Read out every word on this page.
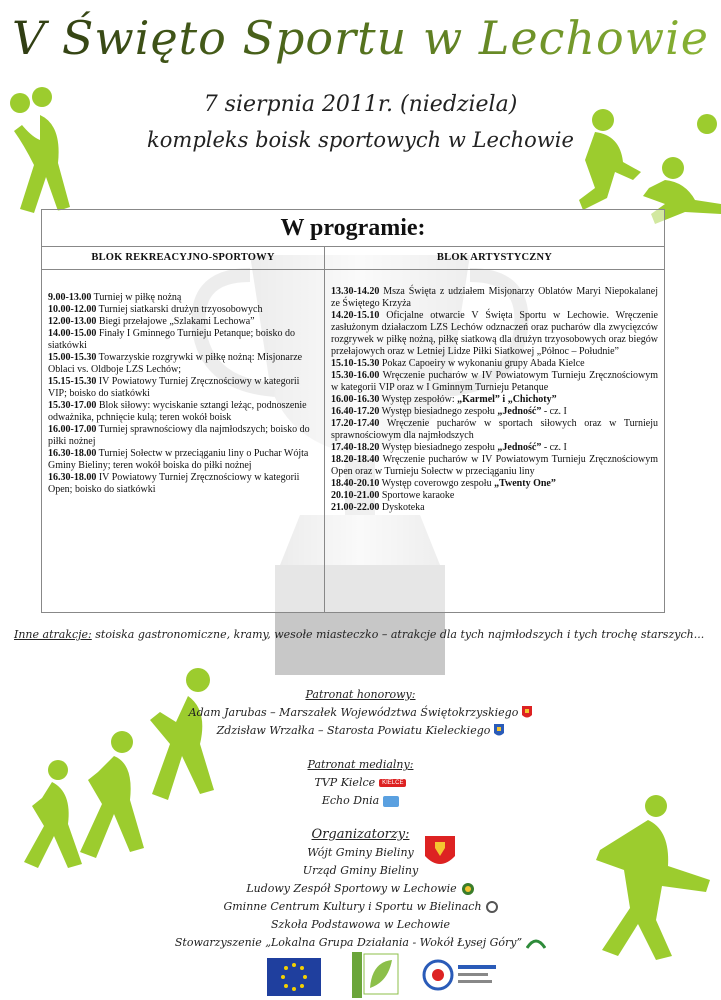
V Święto Sportu w Lechowie
7 sierpnia 2011r. (niedziela)
kompleks boisk sportowych w Lechowie
W programie:
BLOK REKREACYJNO-SPORTOWY
9.00-13.00 Turniej w piłkę nożną
10.00-12.00 Turniej siatkarski drużyn trzyosobowych
12.00-13.00 Biegi przełajowe „Szlakami Lechowa”
14.00-15.00 Finały I Gminnego Turnieju Petanque; boisko do siatkówki
15.00-15.30 Towarzyskie rozgrywki w piłkę nożną: Misjonarze Oblaci vs. Oldboje LZS Lechów;
15.15-15.30 IV Powiatowy Turniej Zręcznościowy w kategorii VIP; boisko do siatkówki
15.30-17.00 Blok siłowy: wyciskanie sztangi leżąc, podnoszenie odważnika, pchnięcie kulą; teren wokół boisk
16.00-17.00 Turniej sprawnościowy dla najmłodszych; boisko do piłki nożnej
16.30-18.00 Turniej Sołectw w przeciąganiu liny o Puchar Wójta Gminy Bieliny; teren wokół boiska do piłki nożnej
16.30-18.00 IV Powiatowy Turniej Zręcznościowy w kategorii Open; boisko do siatkówki
BLOK ARTYSTYCZNY
13.30-14.20 Msza Święta z udziałem Misjonarzy Oblatów Maryi Niepokalanej ze Świętego Krzyża
14.20-15.10 Oficjalne otwarcie V Święta Sportu w Lechowie. Wręczenie zasłużonym działaczom LZS Lechów odznaczeń oraz pucharów dla zwycięzców rozgrywek w piłkę nożną, piłkę siatkową dla drużyn trzyosobowych oraz biegów przełajowych oraz w Letniej Lidze Piłki Siatkowej „Północ – Południe”
15.10-15.30 Pokaz Capoeiry w wykonaniu grupy Abada Kielce
15.30-16.00 Wręczenie pucharów w IV Powiatowym Turnieju Zręcznościowym w kategorii VIP oraz w I Gminnym Turnieju Petanque
16.00-16.30 Występ zespołów: „Karmel” i „Chichoty”
16.40-17.20 Występ biesiadnego zespołu „Jedność” - cz. I
17.20-17.40 Wręczenie pucharów w sportach siłowych oraz w Turnieju sprawnościowym dla najmłodszych
17.40-18.20 Występ biesiadnego zespołu „Jedność” - cz. I
18.20-18.40 Wręczenie pucharów w IV Powiatowym Turnieju Zręcznościowym Open oraz w Turnieju Sołectw w przeciąganiu liny
18.40-20.10 Występ coverowgo zespołu „Twenty One”
20.10-21.00 Sportowe karaoke
21.00-22.00 Dyskoteka
Inne atrakcje: stoiska gastronomiczne, kramy, wesołe miasteczko – atrakcje dla tych najmłodszych i tych trochę starszych...
Patronat honorowy:
Adam Jarubas – Marszałek Województwa Świętokrzyskiego
Zdzisław Wrzałka – Starosta Powiatu Kieleckiego
Patronat medialny:
TVP Kielce KIELCE
Echo Dnia
Organizatorzy:
Wójt Gminy Bieliny
Urząd Gminy Bieliny
Ludowy Zespół Sportowy w Lechowie
Gminne Centrum Kultury i Sportu w Bielinach
Szkoła Podstawowa w Lechowie
Stowarzyszenie „Lokalna Grupa Działania - Wokół Łysej Góry”
